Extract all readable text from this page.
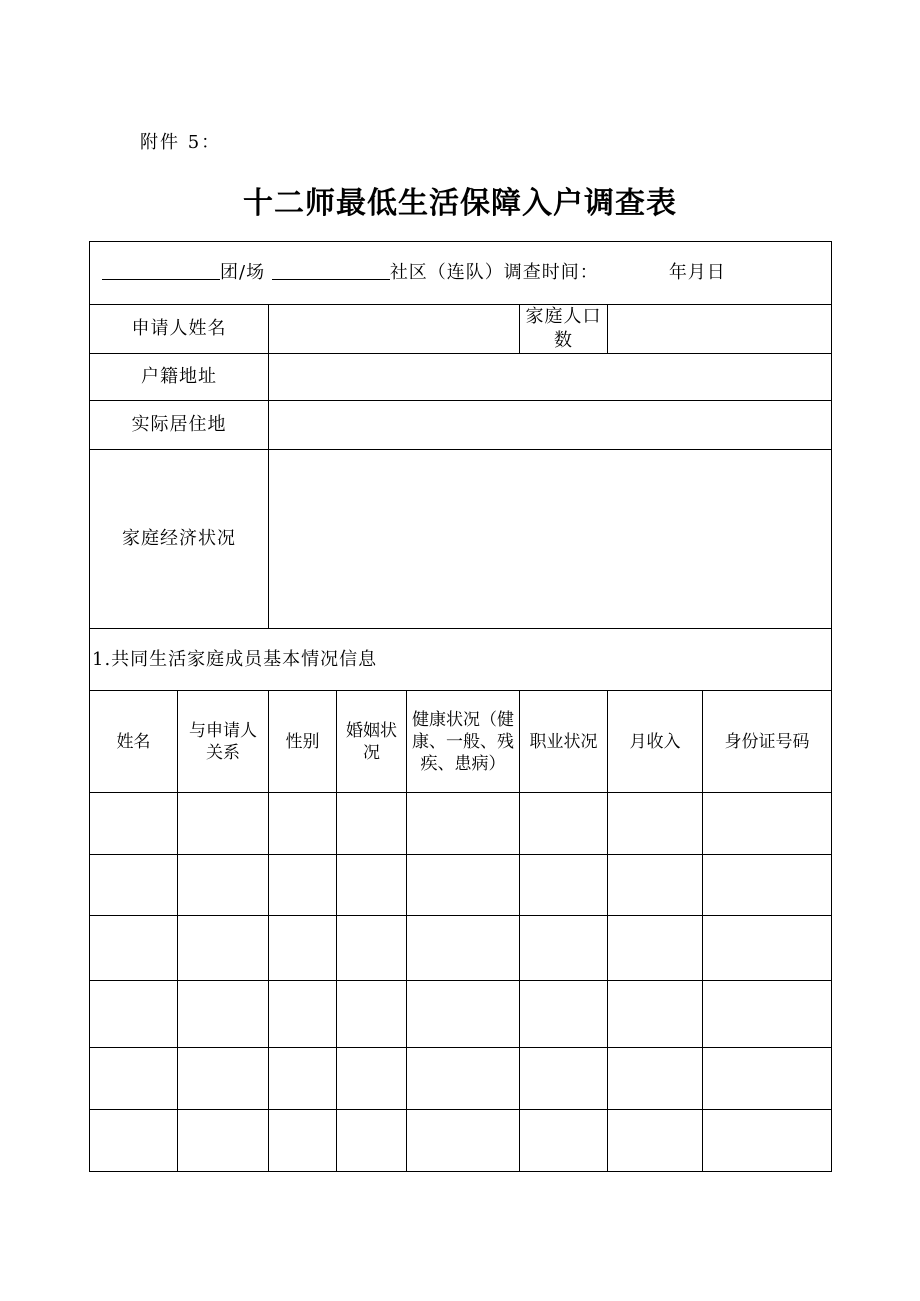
附件 5：
十二师最低生活保障入户调查表
团/场 社区（连队）调查时间： 年月日							
申请人姓名					家庭人口数		
户籍地址							
实际居住地							
家庭经济状况							
1.共同生活家庭成员基本情况信息							
姓名	与申请人关系	性别	婚姻状况	健康状况（健康、一般、残疾、患病）	职业状况	月收入	身份证号码
